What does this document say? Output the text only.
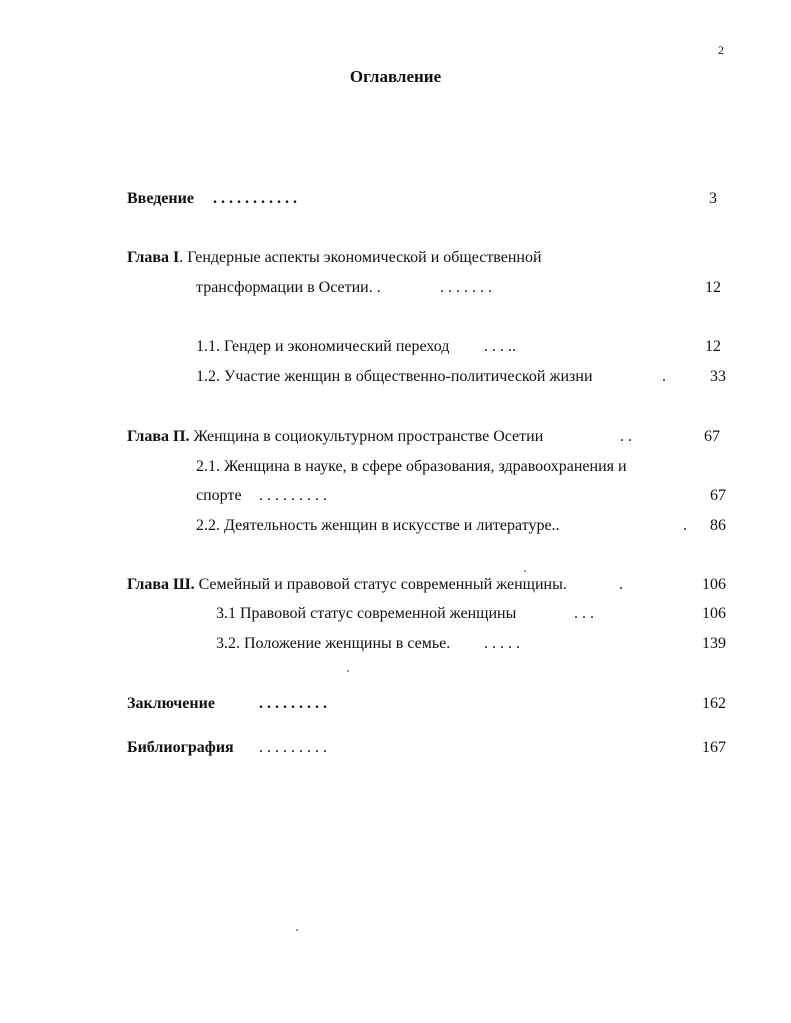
2
Оглавление
Введение . . . . . . . . . . .	3
Глава I. Гендерные аспекты экономической и общественной
трансформации в Осетии. .	. . . . . . .	12
1.1. Гендер и экономический переход . . . ..	12
1.2. Участие женщин в общественно-политической жизни	.	33
Глава П. Женщина в социокультурном пространстве Осетии	. .	67
2.1. Женщина в науке, в сфере образования, здравоохранения и
спорте . . . . . . . . .	67
2.2. Деятельность женщин в искусстве и литературе..	.	86
Глава Ш. Семейный и правовой статус современный женщины.	.	106
3.1 Правовой статус современной женщины	. . .	106
3.2. Положение женщины в семье. . . . . .	139
Заключение	. . . . . . . . .	162
Библиография . . . . . . . . .	167
